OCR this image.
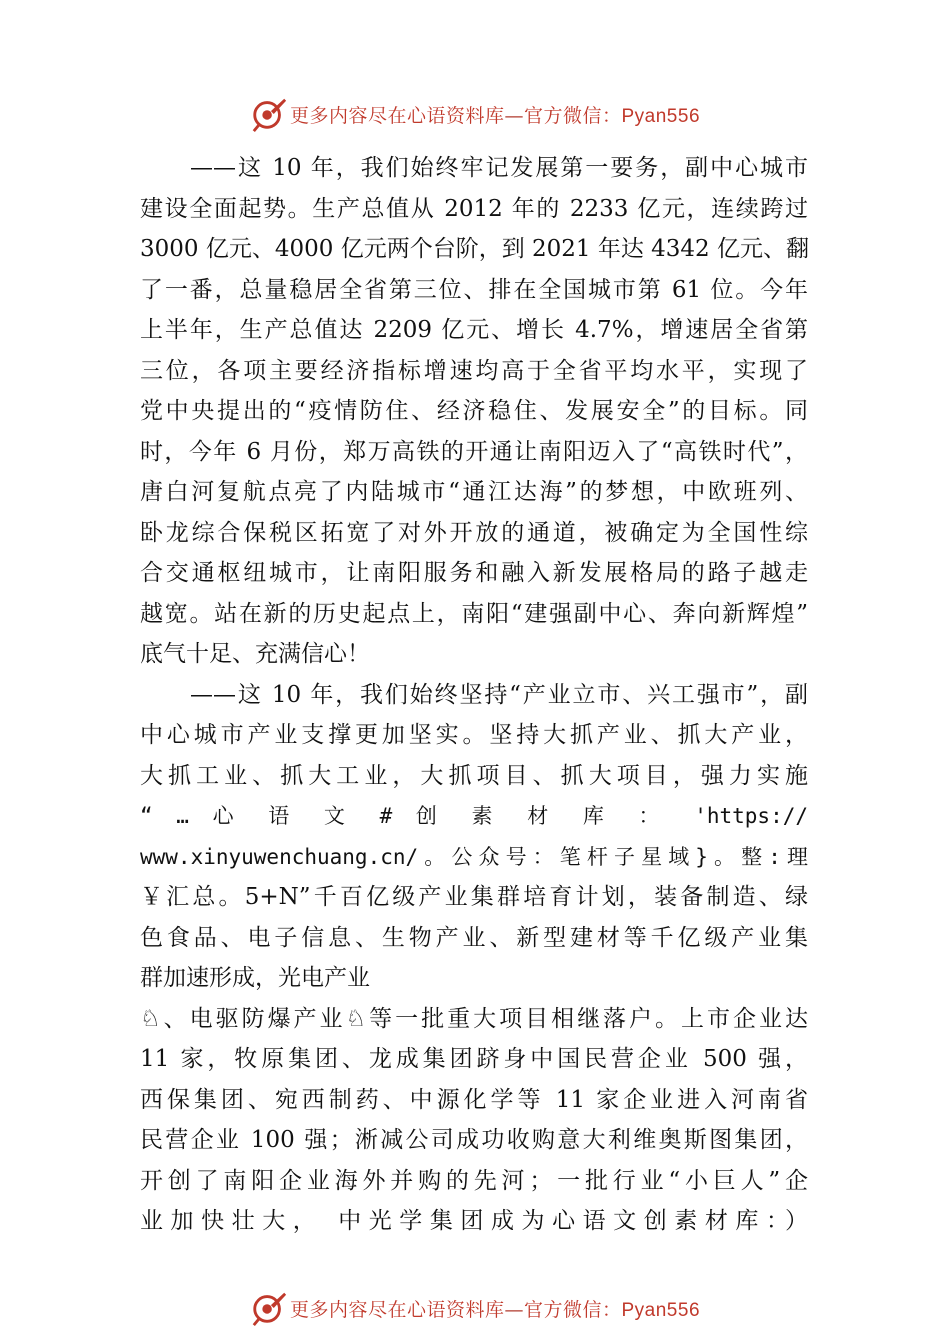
更多内容尽在心语资料库—官方微信：Pyan556
——这 10 年，我们始终牢记发展第一要务，副中心城市
建设全面起势。生产总值从 2012 年的 2233 亿元，连续跨过
3000 亿元、4000 亿元两个台阶，到 2021 年达 4342 亿元、翻
了一番，总量稳居全省第三位、排在全国城市第 61 位。今年
上半年，生产总值达 2209 亿元、增长 4.7%，增速居全省第
三位，各项主要经济指标增速均高于全省平均水平，实现了
党中央提出的“疫情防住、经济稳住、发展安全”的目标。同
时，今年 6 月份，郑万高铁的开通让南阳迈入了“高铁时代”，
唐白河复航点亮了内陆城市“通江达海”的梦想，中欧班列、
卧龙综合保税区拓宽了对外开放的通道，被确定为全国性综
合交通枢纽城市，让南阳服务和融入新发展格局的路子越走
越宽。站在新的历史起点上，南阳“建强副中心、奔向新辉煌”
底气十足、充满信心！
——这 10 年，我们始终坚持“产业立市、兴工强市”，副
中心城市产业支撑更加坚实。坚持大抓产业、抓大产业，
大抓工业、抓大工业，大抓项目、抓大项目，强力实施
“ … 心 语 文 # 创 素 材 库 ： 'https://
www.xinyuwenchuang.cn/。公众号：笔杆子星域}。整:理
￥汇总。5+N”千百亿级产业集群培育计划，装备制造、绿
色食品、电子信息、生物产业、新型建材等千亿级产业集
群加速形成，光电产业
♘、电驱防爆产业♘等一批重大项目相继落户。上市企业达
11 家，牧原集团、龙成集团跻身中国民营企业 500 强，
西保集团、宛西制药、中源化学等 11 家企业进入河南省
民营企业 100 强；淅减公司成功收购意大利维奥斯图集团，
开创了南阳企业海外并购的先河；一批行业“小巨人”企
业加快壮大， 中光学集团成为心语文创素材库：）
更多内容尽在心语资料库—官方微信：Pyan556
